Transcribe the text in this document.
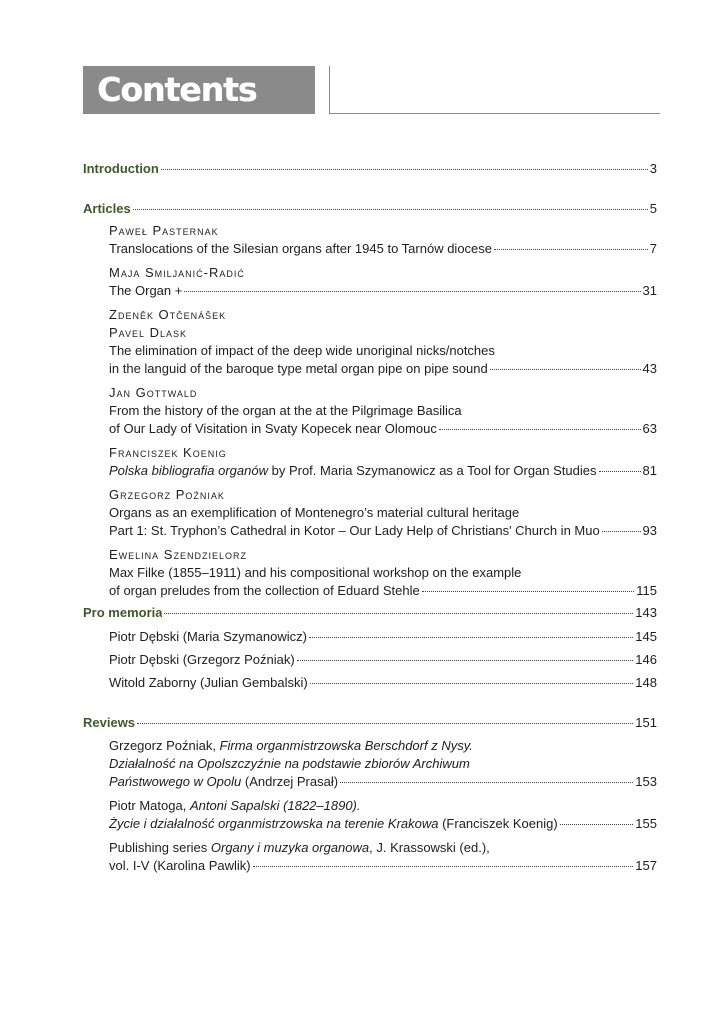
Contents
Introduction	3
Articles	5
Paweł Pasternak
Translocations of the Silesian organs after 1945 to Tarnów diocese	7
Maja Smiljanić-Radić
The Organ +	31
Zdeněk Otčenášek
Pavel Dlask
The elimination of impact of the deep wide unoriginal nicks/notches
in the languid of the baroque type metal organ pipe on pipe sound	43
Jan Gottwald
From the history of the organ at the at the Pilgrimage Basilica
of Our Lady of Visitation in Svaty Kopecek near Olomouc	63
Franciszek Koenig
Polska bibliografia organów by Prof. Maria Szymanowicz as a Tool for Organ Studies	81
Grzegorz Poźniak
Organs as an exemplification of Montenegro’s material cultural heritage
Part 1: St. Tryphon’s Cathedral in Kotor – Our Lady Help of Christians' Church in Muo	93
Ewelina Szendzielorz
Max Filke (1855–1911) and his compositional workshop on the example
of organ preludes from the collection of Eduard Stehle	115
Pro memoria	143
Piotr Dębski (Maria Szymanowicz)	145
Piotr Dębski (Grzegorz Poźniak)	146
Witold Zaborny (Julian Gembalski)	148
Reviews	151
Grzegorz Poźniak, Firma organmistrzowska Berschdorf z Nysy.
Działalność na Opolszczyźnie na podstawie zbiorów Archiwum
Państwowego w Opolu (Andrzej Prasał)	153
Piotr Matoga, Antoni Sapalski (1822–1890).
Życie i działalność organmistrzowska na terenie Krakowa (Franciszek Koenig)	155
Publishing series Organy i muzyka organowa, J. Krassowski (ed.),
vol. I-V (Karolina Pawlik)	157
